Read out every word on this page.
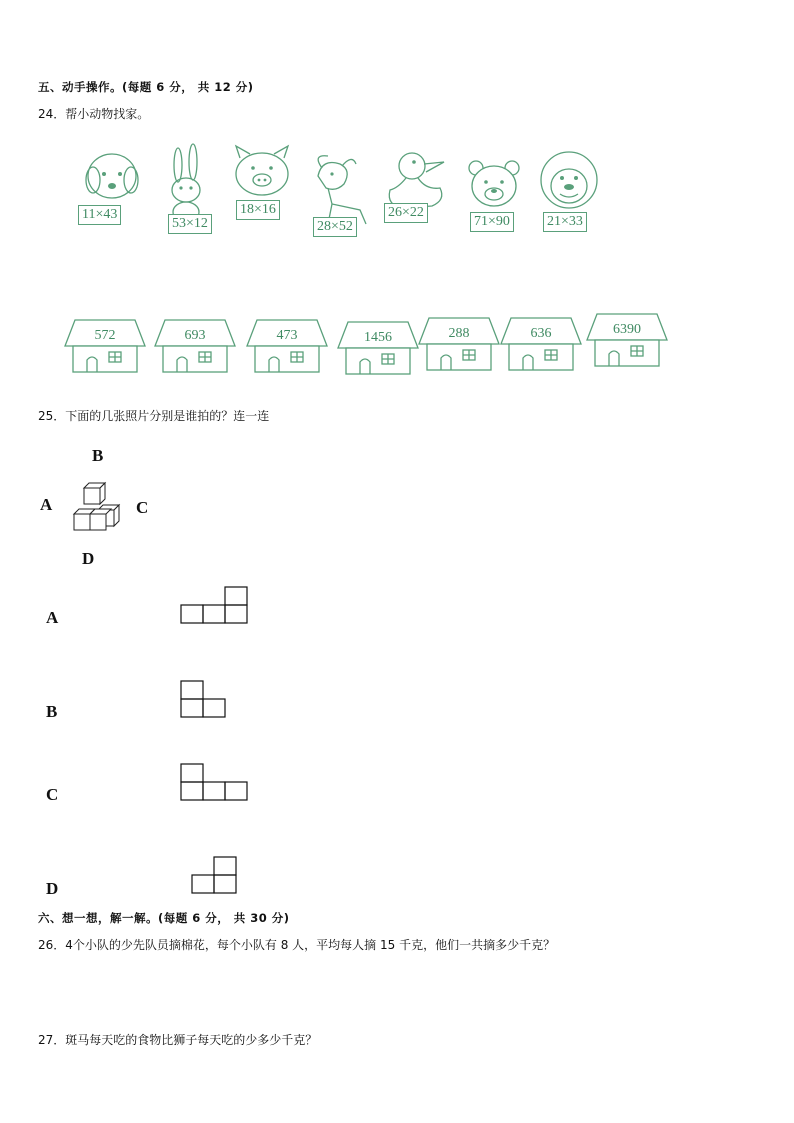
五、动手操作。(每题 6 分， 共 12 分)
24．帮小动物找家。
11×43
53×12
18×16
28×52
26×22
71×90	21×33
572	693	473	1456	288	636	6390
25．下面的几张照片分别是谁拍的？连一连
B
A	C
D
A
B
C
D
六、想一想，解一解。(每题 6 分， 共 30 分)
26．4个小队的少先队员摘棉花，每个小队有 8 人，平均每人摘 15 千克，他们一共摘多少千克？
27．斑马每天吃的食物比狮子每天吃的少多少千克？
